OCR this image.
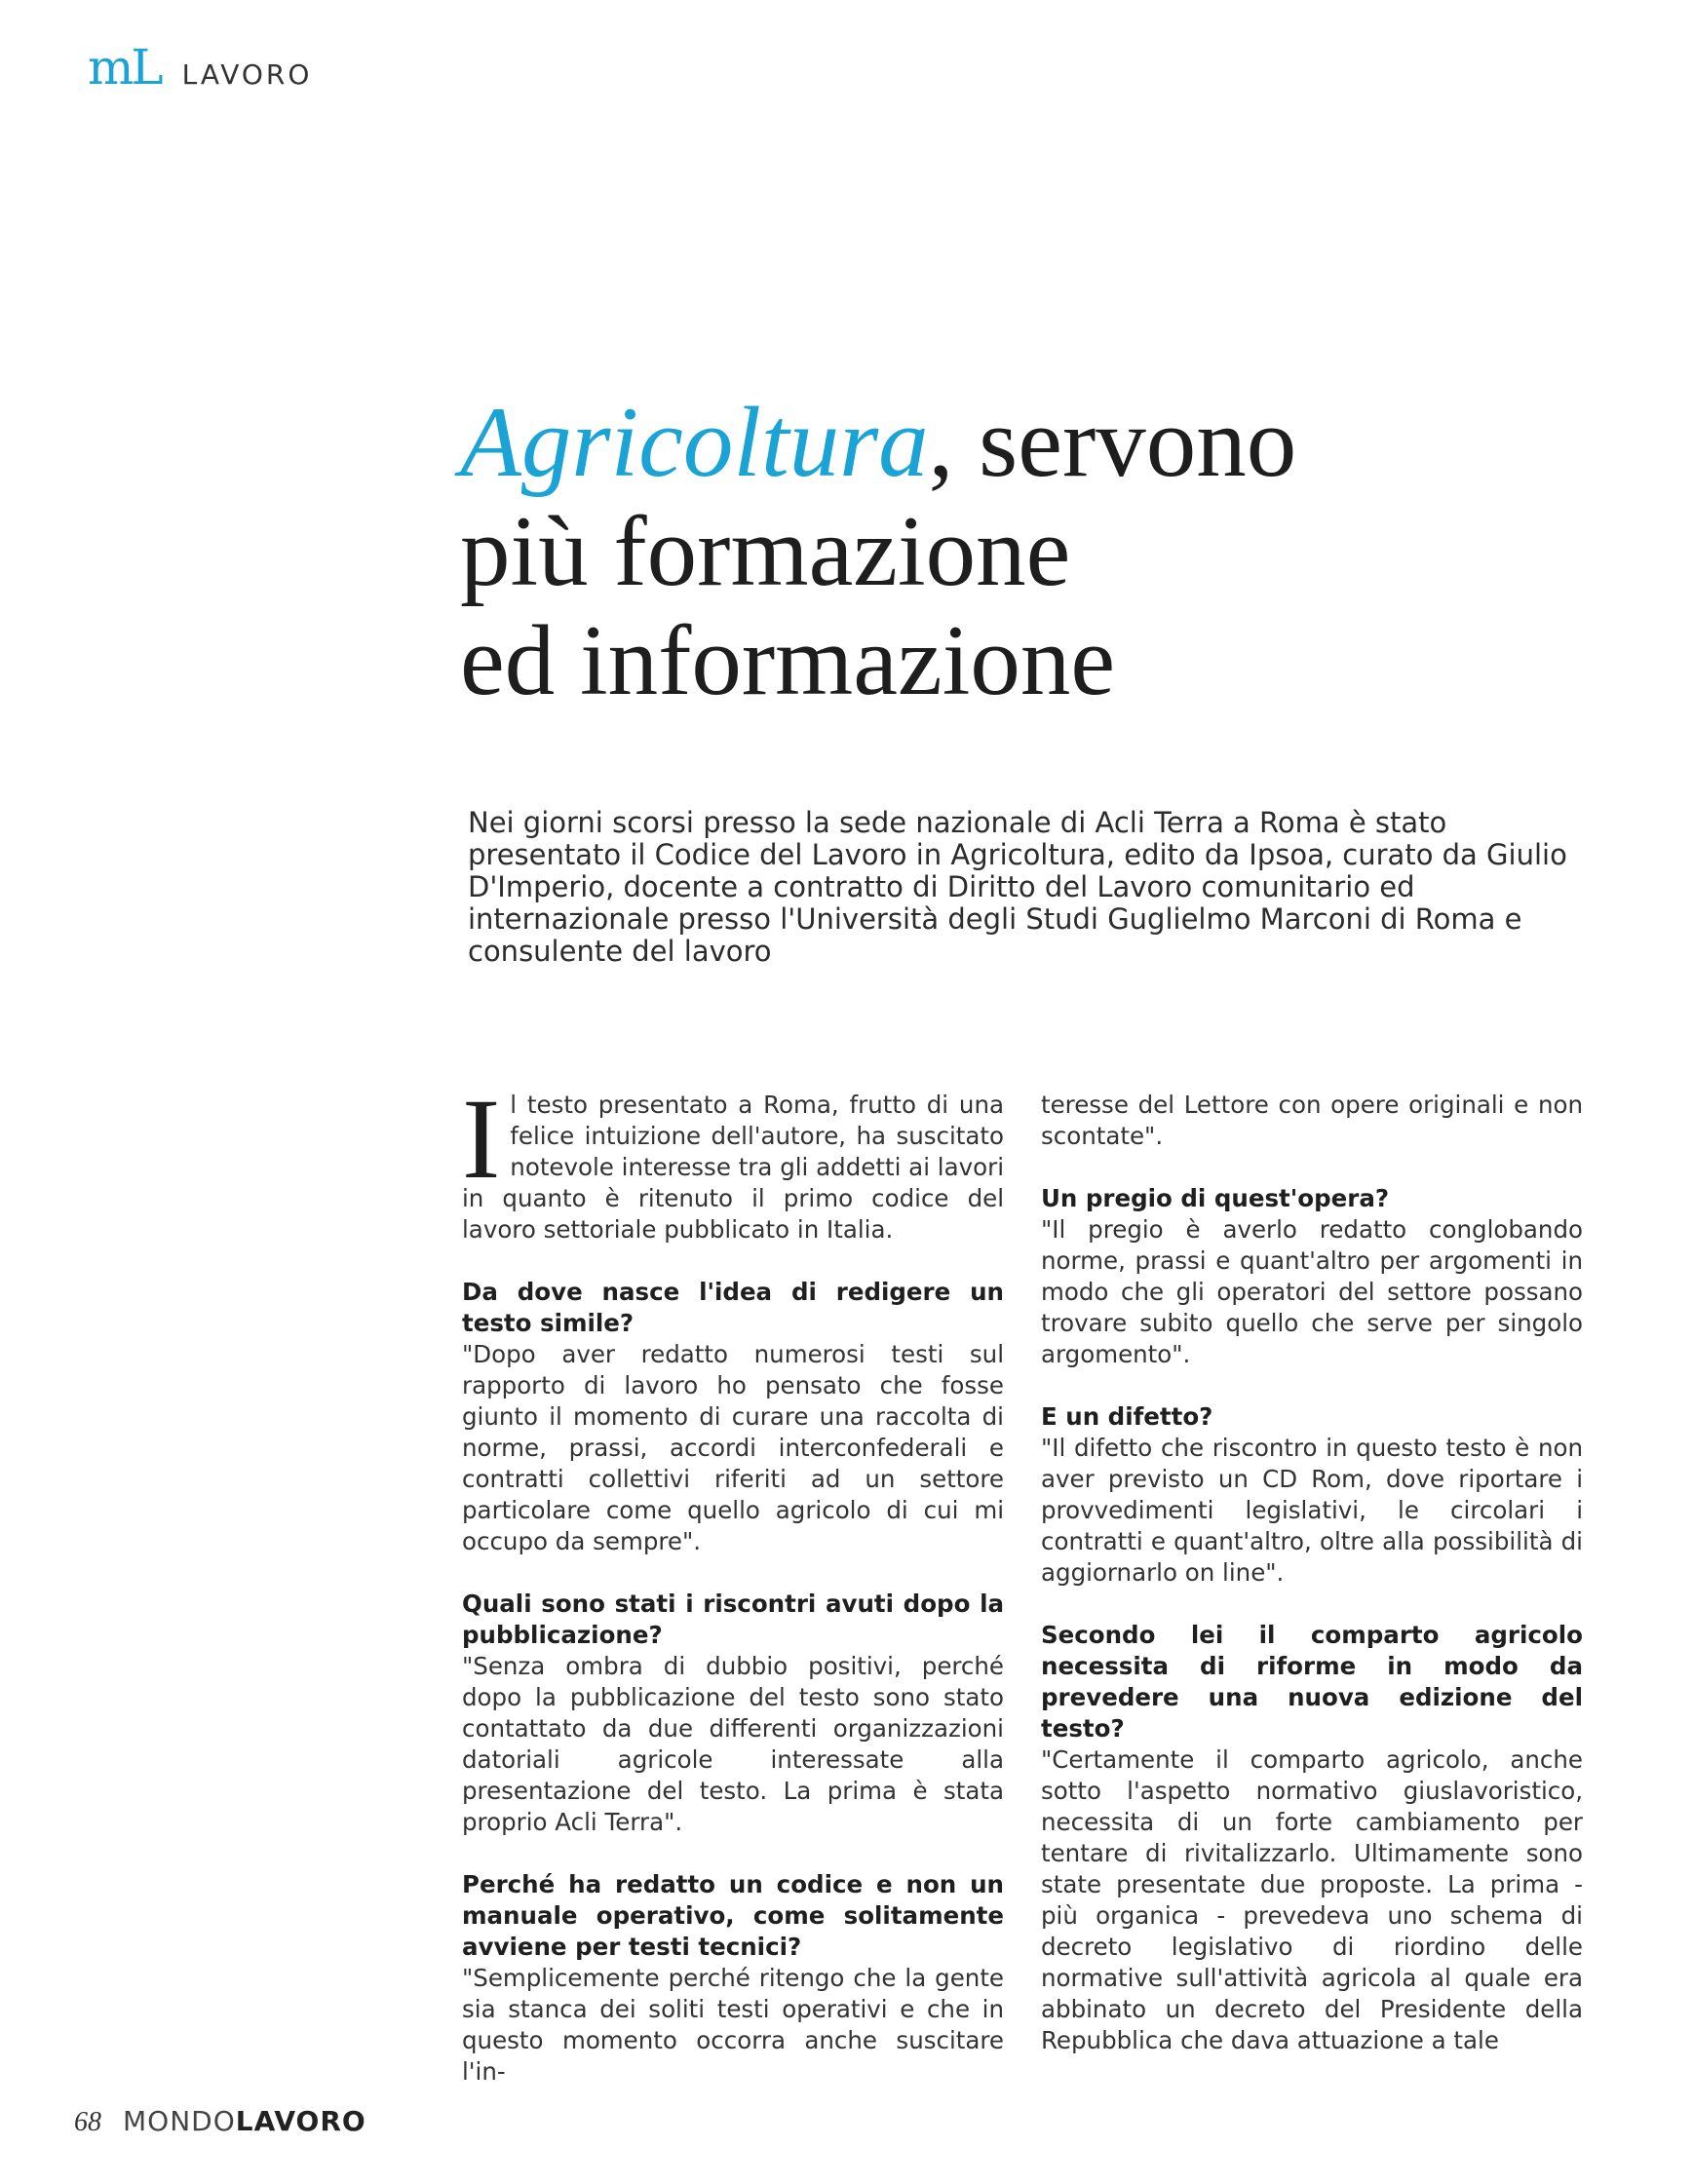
mL LAVORO
Agricoltura, servono
più formazione
ed informazione

Nei giorni scorsi presso la sede nazionale di Acli Terra a Roma è stato presentato il Codice del Lavoro in Agricoltura, edito da Ipsoa, curato da Giulio D'Imperio, docente a contratto di Diritto del Lavoro comunitario ed internazionale presso l'Università degli Studi Guglielmo Marconi di Roma e consulente del lavoro

Il testo presentato a Roma, frutto di una felice intuizione dell'autore, ha suscitato notevole interesse tra gli addetti ai lavori in quanto è ritenuto il primo codice del lavoro settoriale pubblicato in Italia.

Da dove nasce l'idea di redigere un testo simile?

"Dopo aver redatto numerosi testi sul rapporto di lavoro ho pensato che fosse giunto il momento di curare una raccolta di norme, prassi, accordi interconfederali e contratti collettivi riferiti ad un settore particolare come quello agricolo di cui mi occupo da sempre".

Quali sono stati i riscontri avuti dopo la pubblicazione?

"Senza ombra di dubbio positivi, perché dopo la pubblicazione del testo sono stato contattato da due differenti organizzazioni datoriali agricole interessate alla presentazione del testo. La prima è stata proprio Acli Terra".

Perché ha redatto un codice e non un manuale operativo, come solitamente avviene per testi tecnici?

"Semplicemente perché ritengo che la gente sia stanca dei soliti testi operativi e che in questo momento occorra anche suscitare l'in-

teresse del Lettore con opere originali e non scontate".

Un pregio di quest'opera?

"Il pregio è averlo redatto conglobando norme, prassi e quant'altro per argomenti in modo che gli operatori del settore possano trovare subito quello che serve per singolo argomento".

E un difetto?

"Il difetto che riscontro in questo testo è non aver previsto un CD Rom, dove riportare i provvedimenti legislativi, le circolari i contratti e quant'altro, oltre alla possibilità di aggiornarlo on line".

Secondo lei il comparto agricolo necessita di riforme in modo da prevedere una nuova edizione del testo?

"Certamente il comparto agricolo, anche sotto l'aspetto normativo giuslavoristico, necessita di un forte cambiamento per tentare di rivitalizzarlo. Ultimamente sono state presentate due proposte. La prima - più organica - prevedeva uno schema di decreto legislativo di riordino delle normative sull'attività agricola al quale era abbinato un decreto del Presidente della Repubblica che dava attuazione a tale

68 MONDOLAVORO
